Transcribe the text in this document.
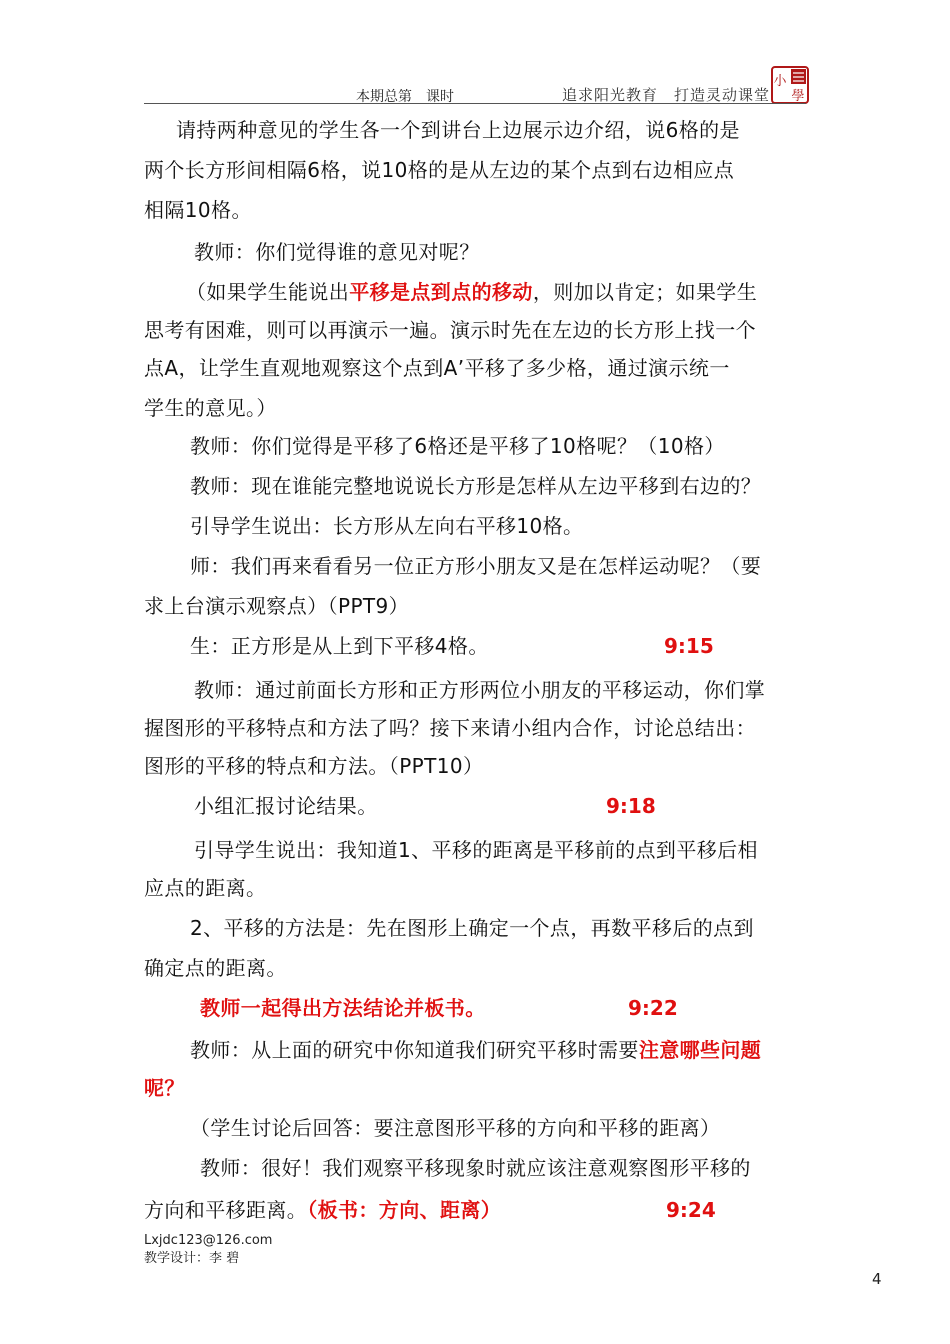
本期总第　课时	追求阳光教育　打造灵动课堂
小
學
请持两种意见的学生各一个到讲台上边展示边介绍，说6格的是
两个长方形间相隔6格，说10格的是从左边的某个点到右边相应点
相隔10格。
教师：你们觉得谁的意见对呢？
（如果学生能说出平移是点到点的移动，则加以肯定；如果学生
思考有困难，则可以再演示一遍。演示时先在左边的长方形上找一个
点A，让学生直观地观察这个点到A’平移了多少格，通过演示统一
学生的意见。）
教师：你们觉得是平移了6格还是平移了10格呢？（10格）
教师：现在谁能完整地说说长方形是怎样从左边平移到右边的？
引导学生说出：长方形从左向右平移10格。
师：我们再来看看另一位正方形小朋友又是在怎样运动呢？（要
求上台演示观察点）（PPT9）
生：正方形是从上到下平移4格。	9:15
教师：通过前面长方形和正方形两位小朋友的平移运动，你们掌
握图形的平移特点和方法了吗？接下来请小组内合作，讨论总结出：
图形的平移的特点和方法。（PPT10）
小组汇报讨论结果。	9:18
引导学生说出：我知道1、平移的距离是平移前的点到平移后相
应点的距离。
2、平移的方法是：先在图形上确定一个点，再数平移后的点到
确定点的距离。
教师一起得出方法结论并板书。	9:22
教师：从上面的研究中你知道我们研究平移时需要注意哪些问题
呢？
（学生讨论后回答：要注意图形平移的方向和平移的距离）
教师：很好！我们观察平移现象时就应该注意观察图形平移的
方向和平移距离。（板书：方向、距离）	9:24
Lxjdc123@126.com
教学设计：李 碧
4
